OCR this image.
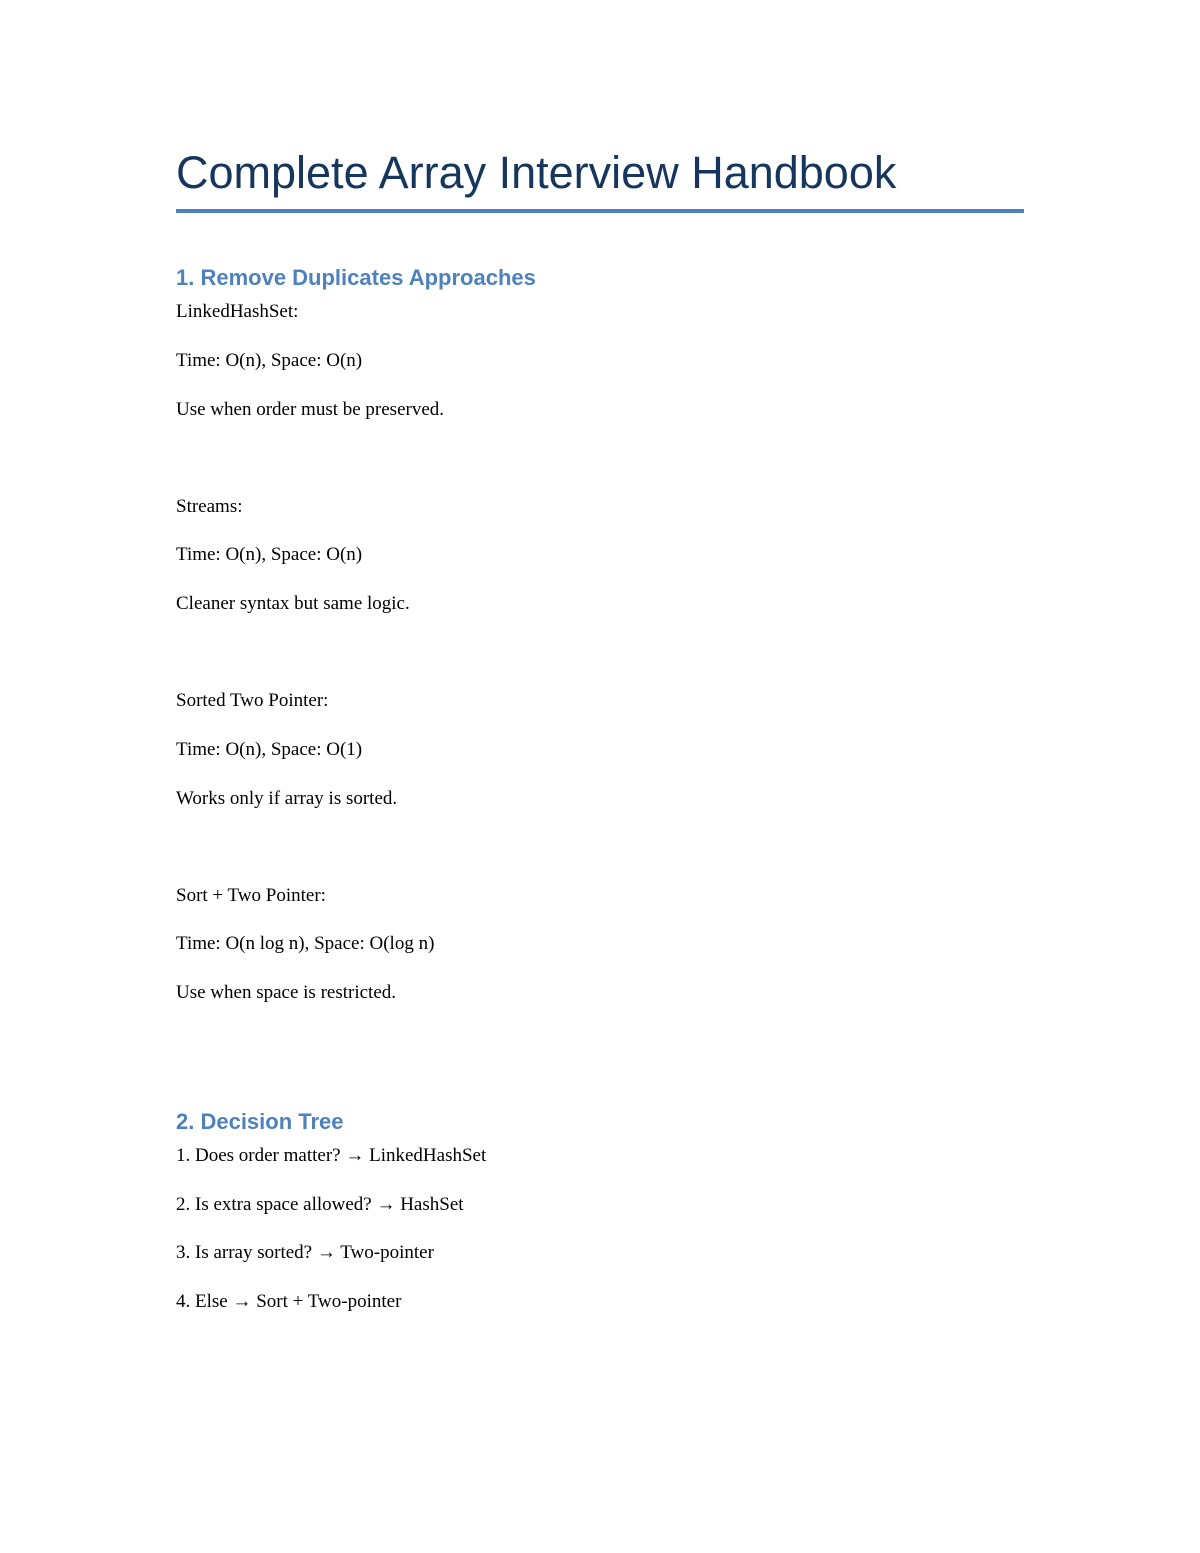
Complete Array Interview Handbook
1. Remove Duplicates Approaches
LinkedHashSet:
Time: O(n), Space: O(n)
Use when order must be preserved.
Streams:
Time: O(n), Space: O(n)
Cleaner syntax but same logic.
Sorted Two Pointer:
Time: O(n), Space: O(1)
Works only if array is sorted.
Sort + Two Pointer:
Time: O(n log n), Space: O(log n)
Use when space is restricted.
2. Decision Tree
1. Does order matter? → LinkedHashSet
2. Is extra space allowed? → HashSet
3. Is array sorted? → Two-pointer
4. Else → Sort + Two-pointer
